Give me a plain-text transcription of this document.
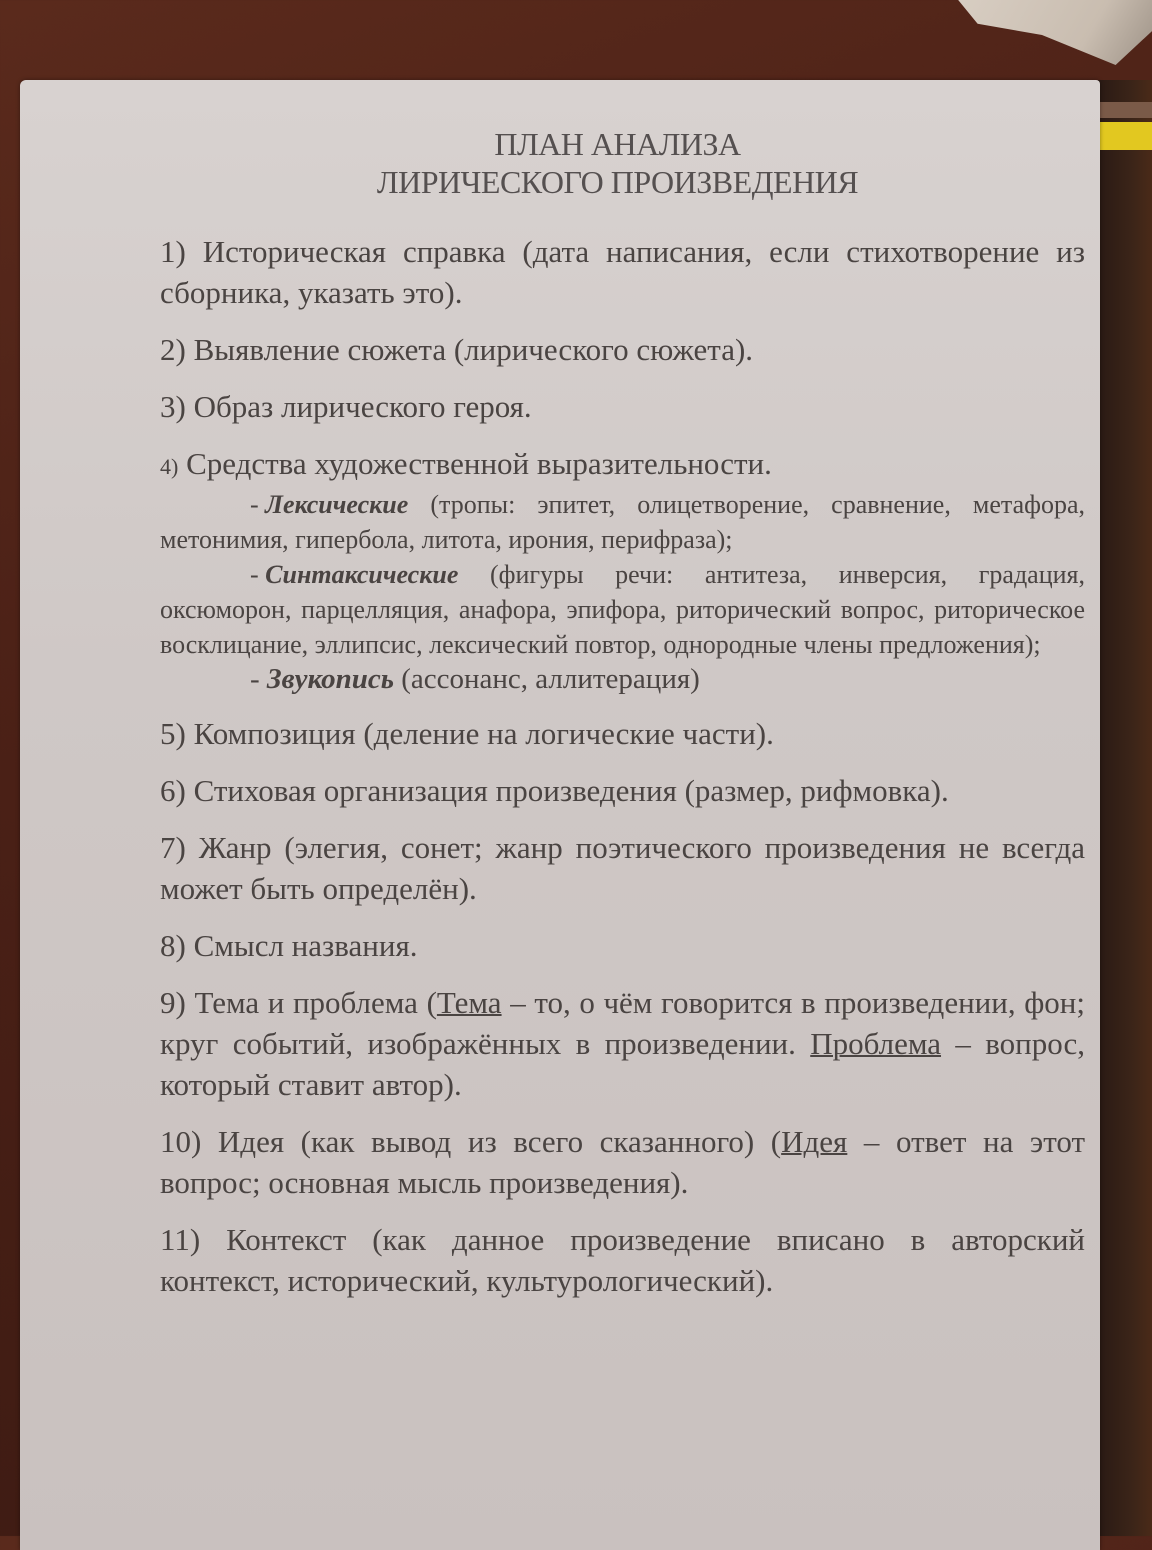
ПЛАН АНАЛИЗА
ЛИРИЧЕСКОГО ПРОИЗВЕДЕНИЯ
1) Историческая справка (дата написания, если стихотворение из сборника, указать это).
2) Выявление сюжета (лирического сюжета).
3) Образ лирического героя.
4) Средства художественной выразительности.
- Лексические (тропы: эпитет, олицетворение, сравнение, метафора, метонимия, гипербола, литота, ирония, перифраза);
- Синтаксические (фигуры речи: антитеза, инверсия, градация, оксюморон, парцелляция, анафора, эпифора, риторический вопрос, риторическое восклицание, эллипсис, лексический повтор, однородные члены предложения);
- Звукопись (ассонанс, аллитерация)
5) Композиция (деление на логические части).
6) Стиховая организация произведения (размер, рифмовка).
7) Жанр (элегия, сонет; жанр поэтического произведения не всегда может быть определён).
8) Смысл названия.
9) Тема и проблема (Тема – то, о чём говорится в произведении, фон; круг событий, изображённых в произведении. Проблема – вопрос, который ставит автор).
10) Идея (как вывод из всего сказанного) (Идея – ответ на этот вопрос; основная мысль произведения).
11) Контекст (как данное произведение вписано в авторский контекст, исторический, культурологический).
